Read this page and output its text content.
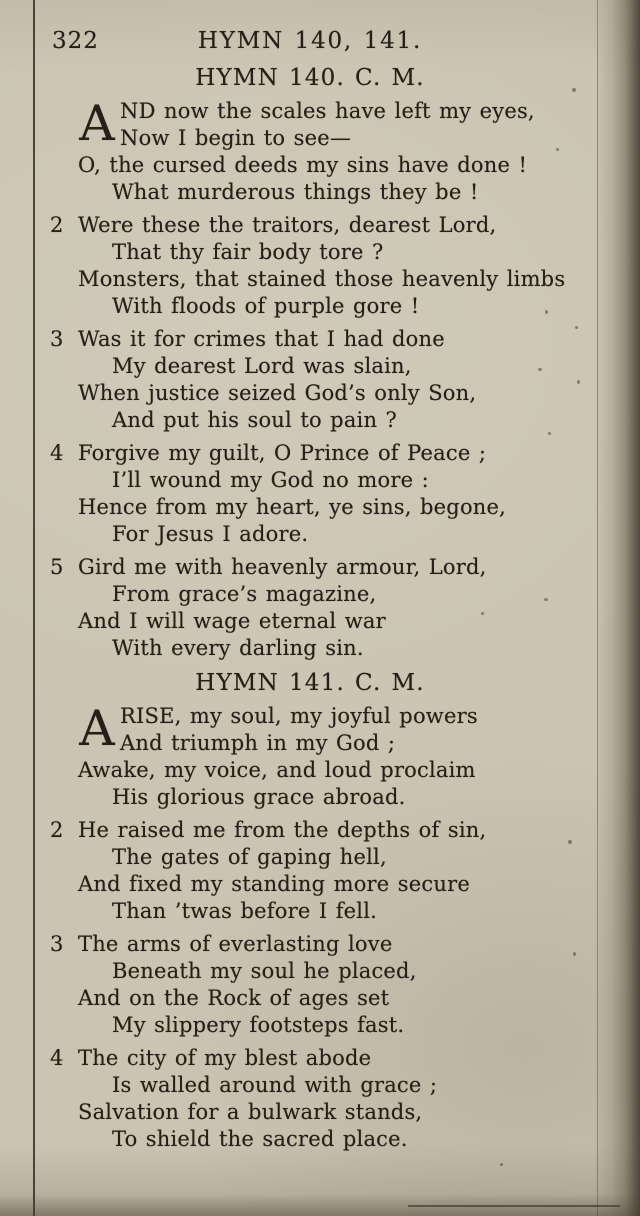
322	HYMN 140, 141.
HYMN 140. C. M.
A ND now the scales have left my eyes,
Now I begin to see—
O, the cursed deeds my sins have done !
What murderous things they be !
2 Were these the traitors, dearest Lord,
That thy fair body tore ?
Monsters, that stained those heavenly limbs
With floods of purple gore !
3 Was it for crimes that I had done
My dearest Lord was slain,
When justice seized God’s only Son,
And put his soul to pain ?
4 Forgive my guilt, O Prince of Peace ;
I’ll wound my God no more :
Hence from my heart, ye sins, begone,
For Jesus I adore.
5 Gird me with heavenly armour, Lord,
From grace’s magazine,
And I will wage eternal war
With every darling sin.
HYMN 141. C. M.
A RISE, my soul, my joyful powers
And triumph in my God ;
Awake, my voice, and loud proclaim
His glorious grace abroad.
2 He raised me from the depths of sin,
The gates of gaping hell,
And fixed my standing more secure
Than ’twas before I fell.
3 The arms of everlasting love
Beneath my soul he placed,
And on the Rock of ages set
My slippery footsteps fast.
4 The city of my blest abode
Is walled around with grace ;
Salvation for a bulwark stands,
To shield the sacred place.
